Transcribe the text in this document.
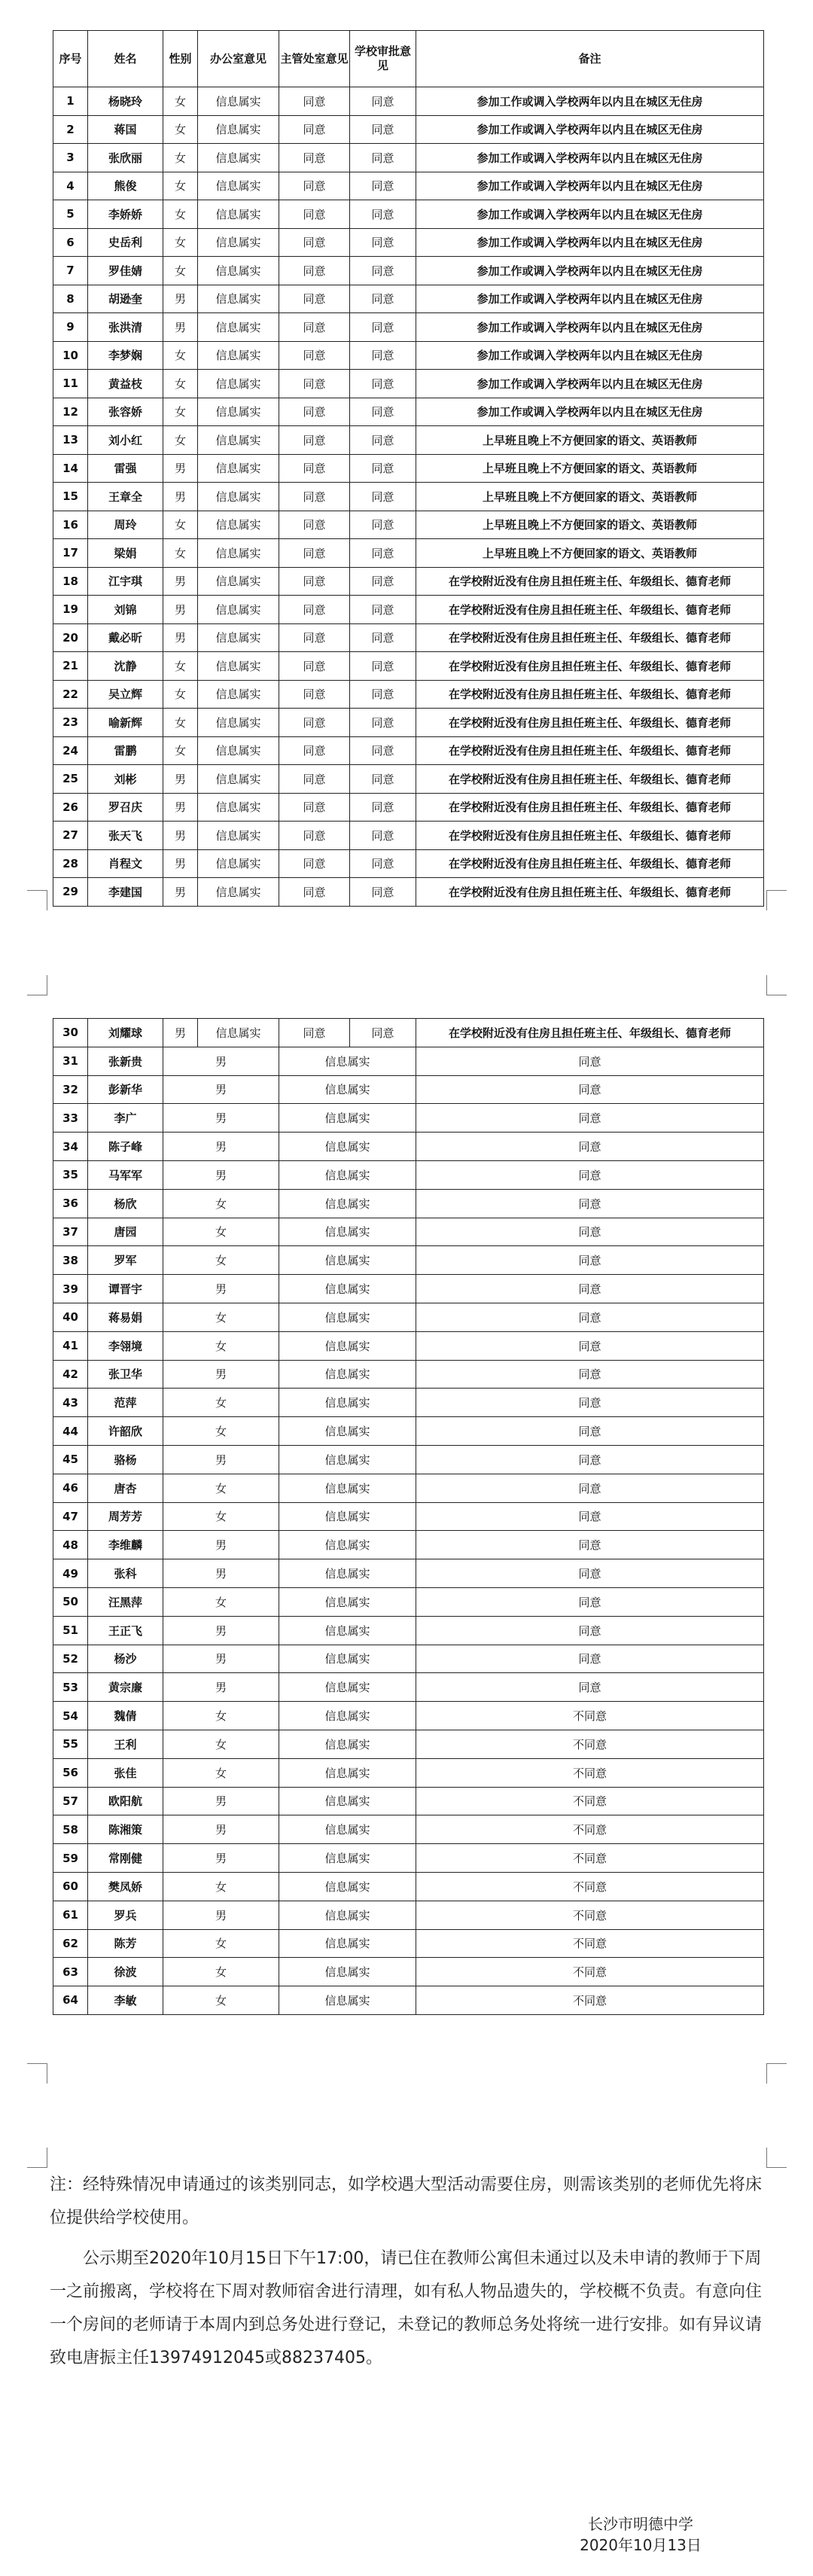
序号	姓名	性别	办公室意见	主管处室意见	学校审批意见	备注
1	杨晓玲	女	信息属实	同意	同意	参加工作或调入学校两年以内且在城区无住房
2	蒋国	女	信息属实	同意	同意	参加工作或调入学校两年以内且在城区无住房
3	张欣丽	女	信息属实	同意	同意	参加工作或调入学校两年以内且在城区无住房
4	熊俊	女	信息属实	同意	同意	参加工作或调入学校两年以内且在城区无住房
5	李娇娇	女	信息属实	同意	同意	参加工作或调入学校两年以内且在城区无住房
6	史岳利	女	信息属实	同意	同意	参加工作或调入学校两年以内且在城区无住房
7	罗佳婧	女	信息属实	同意	同意	参加工作或调入学校两年以内且在城区无住房
8	胡逊奎	男	信息属实	同意	同意	参加工作或调入学校两年以内且在城区无住房
9	张洪清	男	信息属实	同意	同意	参加工作或调入学校两年以内且在城区无住房
10	李梦娴	女	信息属实	同意	同意	参加工作或调入学校两年以内且在城区无住房
11	黄益枝	女	信息属实	同意	同意	参加工作或调入学校两年以内且在城区无住房
12	张容娇	女	信息属实	同意	同意	参加工作或调入学校两年以内且在城区无住房
13	刘小红	女	信息属实	同意	同意	上早班且晚上不方便回家的语文、英语教师
14	雷强	男	信息属实	同意	同意	上早班且晚上不方便回家的语文、英语教师
15	王章全	男	信息属实	同意	同意	上早班且晚上不方便回家的语文、英语教师
16	周玲	女	信息属实	同意	同意	上早班且晚上不方便回家的语文、英语教师
17	梁娟	女	信息属实	同意	同意	上早班且晚上不方便回家的语文、英语教师
18	江宇琪	男	信息属实	同意	同意	在学校附近没有住房且担任班主任、年级组长、德育老师
19	刘锦	男	信息属实	同意	同意	在学校附近没有住房且担任班主任、年级组长、德育老师
20	戴必昕	男	信息属实	同意	同意	在学校附近没有住房且担任班主任、年级组长、德育老师
21	沈静	女	信息属实	同意	同意	在学校附近没有住房且担任班主任、年级组长、德育老师
22	吴立辉	女	信息属实	同意	同意	在学校附近没有住房且担任班主任、年级组长、德育老师
23	喻新辉	女	信息属实	同意	同意	在学校附近没有住房且担任班主任、年级组长、德育老师
24	雷鹏	女	信息属实	同意	同意	在学校附近没有住房且担任班主任、年级组长、德育老师
25	刘彬	男	信息属实	同意	同意	在学校附近没有住房且担任班主任、年级组长、德育老师
26	罗召庆	男	信息属实	同意	同意	在学校附近没有住房且担任班主任、年级组长、德育老师
27	张天飞	男	信息属实	同意	同意	在学校附近没有住房且担任班主任、年级组长、德育老师
28	肖程文	男	信息属实	同意	同意	在学校附近没有住房且担任班主任、年级组长、德育老师
29	李建国	男	信息属实	同意	同意	在学校附近没有住房且担任班主任、年级组长、德育老师
30	刘耀球	男	信息属实	同意	同意	在学校附近没有住房且担任班主任、年级组长、德育老师
31	张新贵	男		信息属实		同意
32	彭新华	男		信息属实		同意
33	李广	男		信息属实		同意
34	陈子峰	男		信息属实		同意
35	马军军	男		信息属实		同意
36	杨欣	女		信息属实		同意
37	唐园	女		信息属实		同意
38	罗军	女		信息属实		同意
39	谭晋宇	男		信息属实		同意
40	蒋易娟	女		信息属实		同意
41	李翎境	女		信息属实		同意
42	张卫华	男		信息属实		同意
43	范萍	女		信息属实		同意
44	许韶欣	女		信息属实		同意
45	骆杨	男		信息属实		同意
46	唐杏	女		信息属实		同意
47	周芳芳	女		信息属实		同意
48	李维麟	男		信息属实		同意
49	张科	男		信息属实		同意
50	汪黑萍	女		信息属实		同意
51	王正飞	男		信息属实		同意
52	杨沙	男		信息属实		同意
53	黄宗廉	男		信息属实		同意
54	魏倩	女		信息属实		不同意
55	王利	女		信息属实		不同意
56	张佳	女		信息属实		不同意
57	欧阳航	男		信息属实		不同意
58	陈湘策	男		信息属实		不同意
59	常刚健	男		信息属实		不同意
60	樊凤娇	女		信息属实		不同意
61	罗兵	男		信息属实		不同意
62	陈芳	女		信息属实		不同意
63	徐波	女		信息属实		不同意
64	李敏	女		信息属实		不同意
注：经特殊情况申请通过的该类别同志，如学校遇大型活动需要住房，则需该类别的老师优先将床位提供给学校使用。
公示期至2020年10月15日下午17:00，请已住在教师公寓但未通过以及未申请的教师于下周一之前搬离，学校将在下周对教师宿舍进行清理，如有私人物品遗失的，学校概不负责。有意向住一个房间的老师请于本周内到总务处进行登记，未登记的教师总务处将统一进行安排。如有异议请致电唐振主任13974912045或88237405。
长沙市明德中学
2020年10月13日
